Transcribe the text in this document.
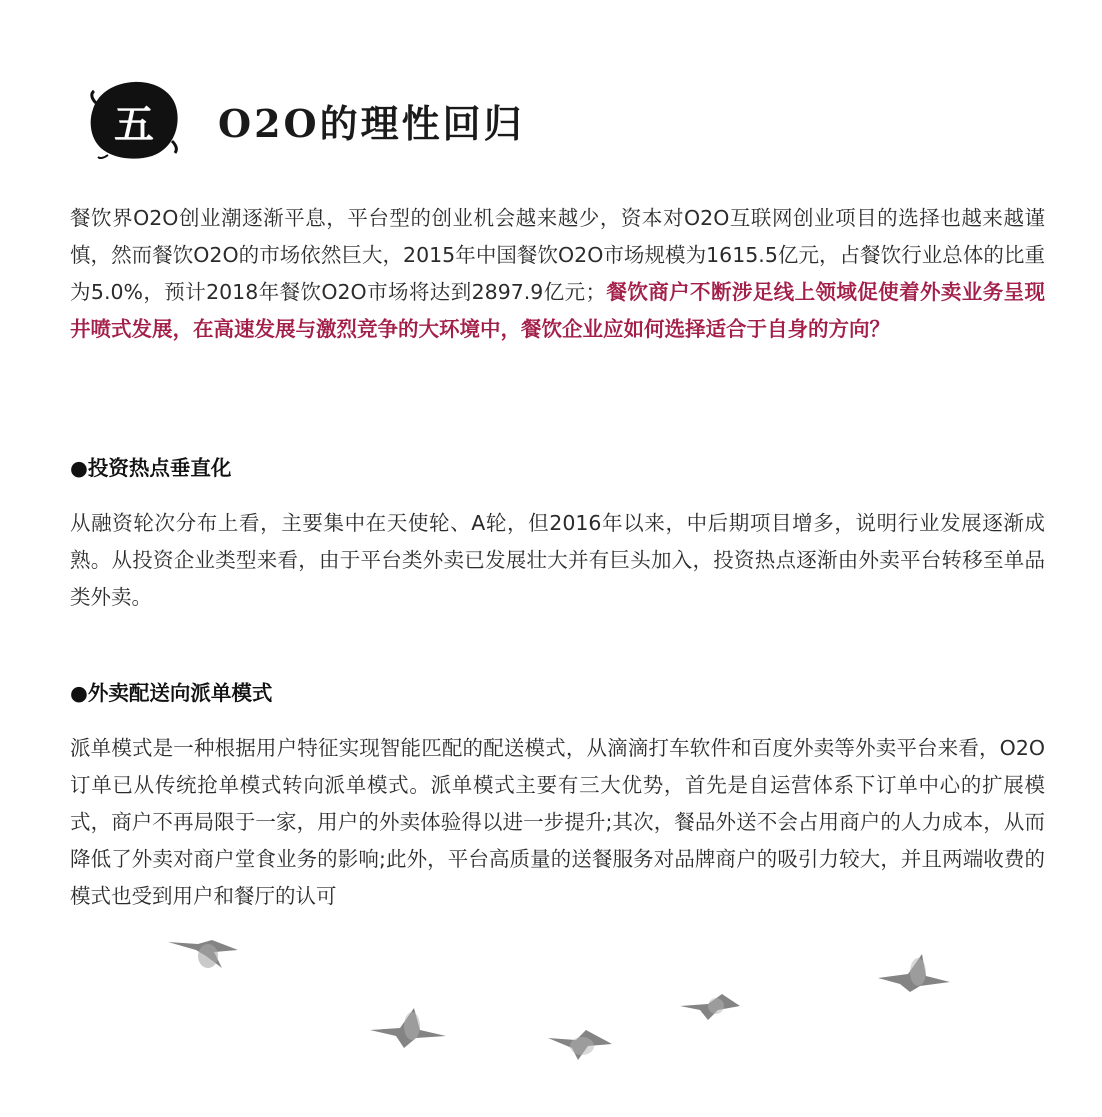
五	O2O的理性回归

餐饮界O2O创业潮逐渐平息，平台型的创业机会越来越少，资本对O2O互联网创业项目的选择也越来越谨慎，然而餐饮O2O的市场依然巨大，2015年中国餐饮O2O市场规模为1615.5亿元，占餐饮行业总体的比重为5.0%，预计2018年餐饮O2O市场将达到2897.9亿元；餐饮商户不断涉足线上领域促使着外卖业务呈现井喷式发展，在高速发展与激烈竞争的大环境中，餐饮企业应如何选择适合于自身的方向？

●投资热点垂直化

从融资轮次分布上看，主要集中在天使轮、A轮，但2016年以来，中后期项目增多，说明行业发展逐渐成熟。从投资企业类型来看，由于平台类外卖已发展壮大并有巨头加入，投资热点逐渐由外卖平台转移至单品类外卖。

●外卖配送向派单模式

派单模式是一种根据用户特征实现智能匹配的配送模式，从滴滴打车软件和百度外卖等外卖平台来看，O2O订单已从传统抢单模式转向派单模式。派单模式主要有三大优势，首先是自运营体系下订单中心的扩展模式，商户不再局限于一家，用户的外卖体验得以进一步提升;其次，餐品外送不会占用商户的人力成本，从而降低了外卖对商户堂食业务的影响;此外，平台高质量的送餐服务对品牌商户的吸引力较大，并且两端收费的模式也受到用户和餐厅的认可
